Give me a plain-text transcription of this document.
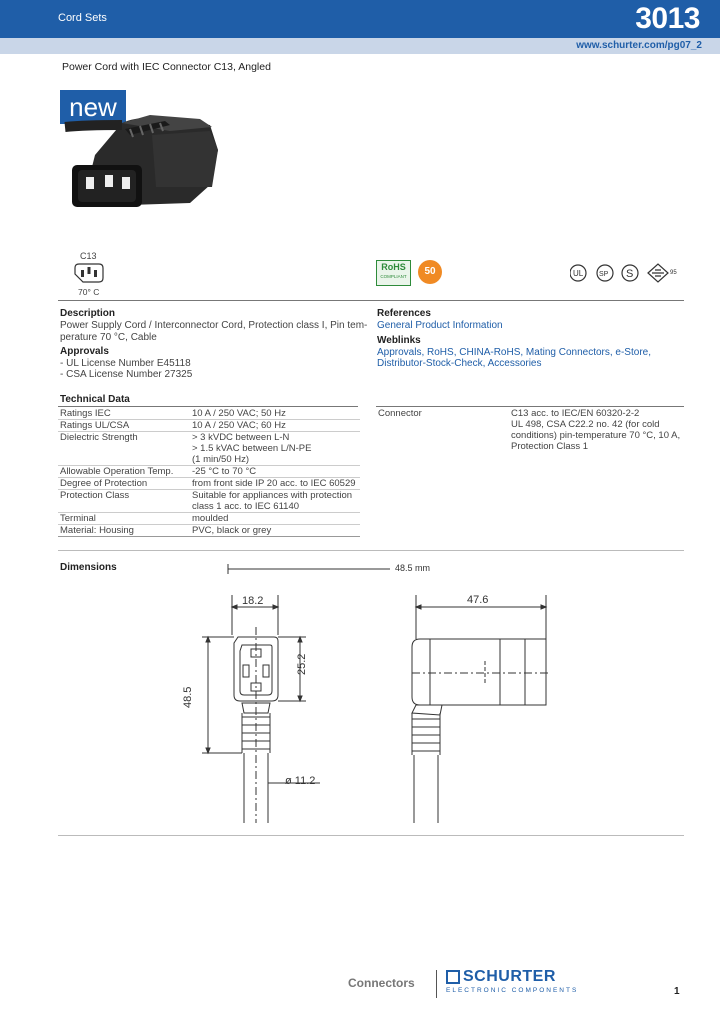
Cord Sets	3013
www.schurter.com/pg07_2
Power Cord with IEC Connector C13, Angled
new
C13
70° C
RoHS
COMPLIANT	50	UL SP S	95
Description
Power Supply Cord / Interconnector Cord, Protection class I, Pin tem-
perature 70 °C, Cable
Approvals
- UL License Number E45118
- CSA License Number 27325
References
General Product Information
Weblinks
Approvals, RoHS, CHINA-RoHS, Mating Connectors, e-Store,
Distributor-Stock-Check, Accessories
Technical Data
Ratings IEC	10 A / 250 VAC; 50 Hz
Ratings UL/CSA	10 A / 250 VAC; 60 Hz
Dielectric Strength	> 3 kVDC between L-N
> 1.5 kVAC between L/N-PE
(1 min/50 Hz)
Allowable Operation Temp.	-25 °C to 70 °C
Degree of Protection	from front side IP 20 acc. to IEC 60529
Protection Class	Suitable for appliances with protection
class 1 acc. to IEC 61140
Terminal	moulded
Material: Housing	PVC, black or grey
Connector	C13 acc. to IEC/EN 60320-2-2
UL 498, CSA C22.2 no. 42 (for cold
conditions) pin-temperature 70 °C, 10 A,
Protection Class 1
Dimensions	48.5 mm
18.2
48.5
25.2
ø 11.2
47.6
Connectors	SCHURTER
ELECTRONIC COMPONENTS	1
